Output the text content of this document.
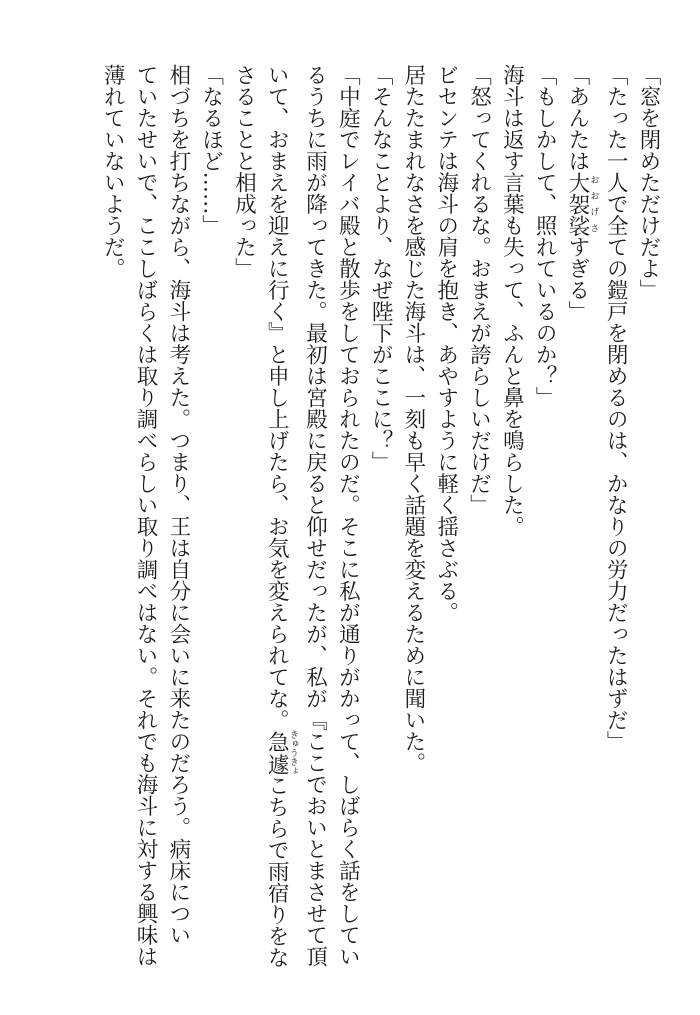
「窓を閉めただけだよ」
「たった一人で全ての鎧戸を閉めるのは、かなりの労力だったはずだ」
「あんたは大袈裟おおげさすぎる」
「もしかして、照れているのか？」
海斗は返す言葉も失って、ふんと鼻を鳴らした。
「怒ってくれるな。おまえが誇らしいだけだ」
ビセンテは海斗の肩を抱き、あやすように軽く揺さぶる。
居たたまれなさを感じた海斗は、一刻も早く話題を変えるために聞いた。
「そんなことより、なぜ陛下がここに？」
「中庭でレイバ殿と散歩をしておられたのだ。そこに私が通りがかって、しばらく話をしてい
るうちに雨が降ってきた。最初は宮殿に戻ると仰せだったが、私が『ここでおいとまさせて頂
いて、おまえを迎えに行く』と申し上げたら、お気を変えられてな。急遽きゅうきょこちらで雨宿りをな
さることと相成った」
「なるほど……」
相づちを打ちながら、海斗は考えた。つまり、王は自分に会いに来たのだろう。病床につい
ていたせいで、ここしばらくは取り調べらしい取り調べはない。それでも海斗に対する興味は
薄れていないようだ。
